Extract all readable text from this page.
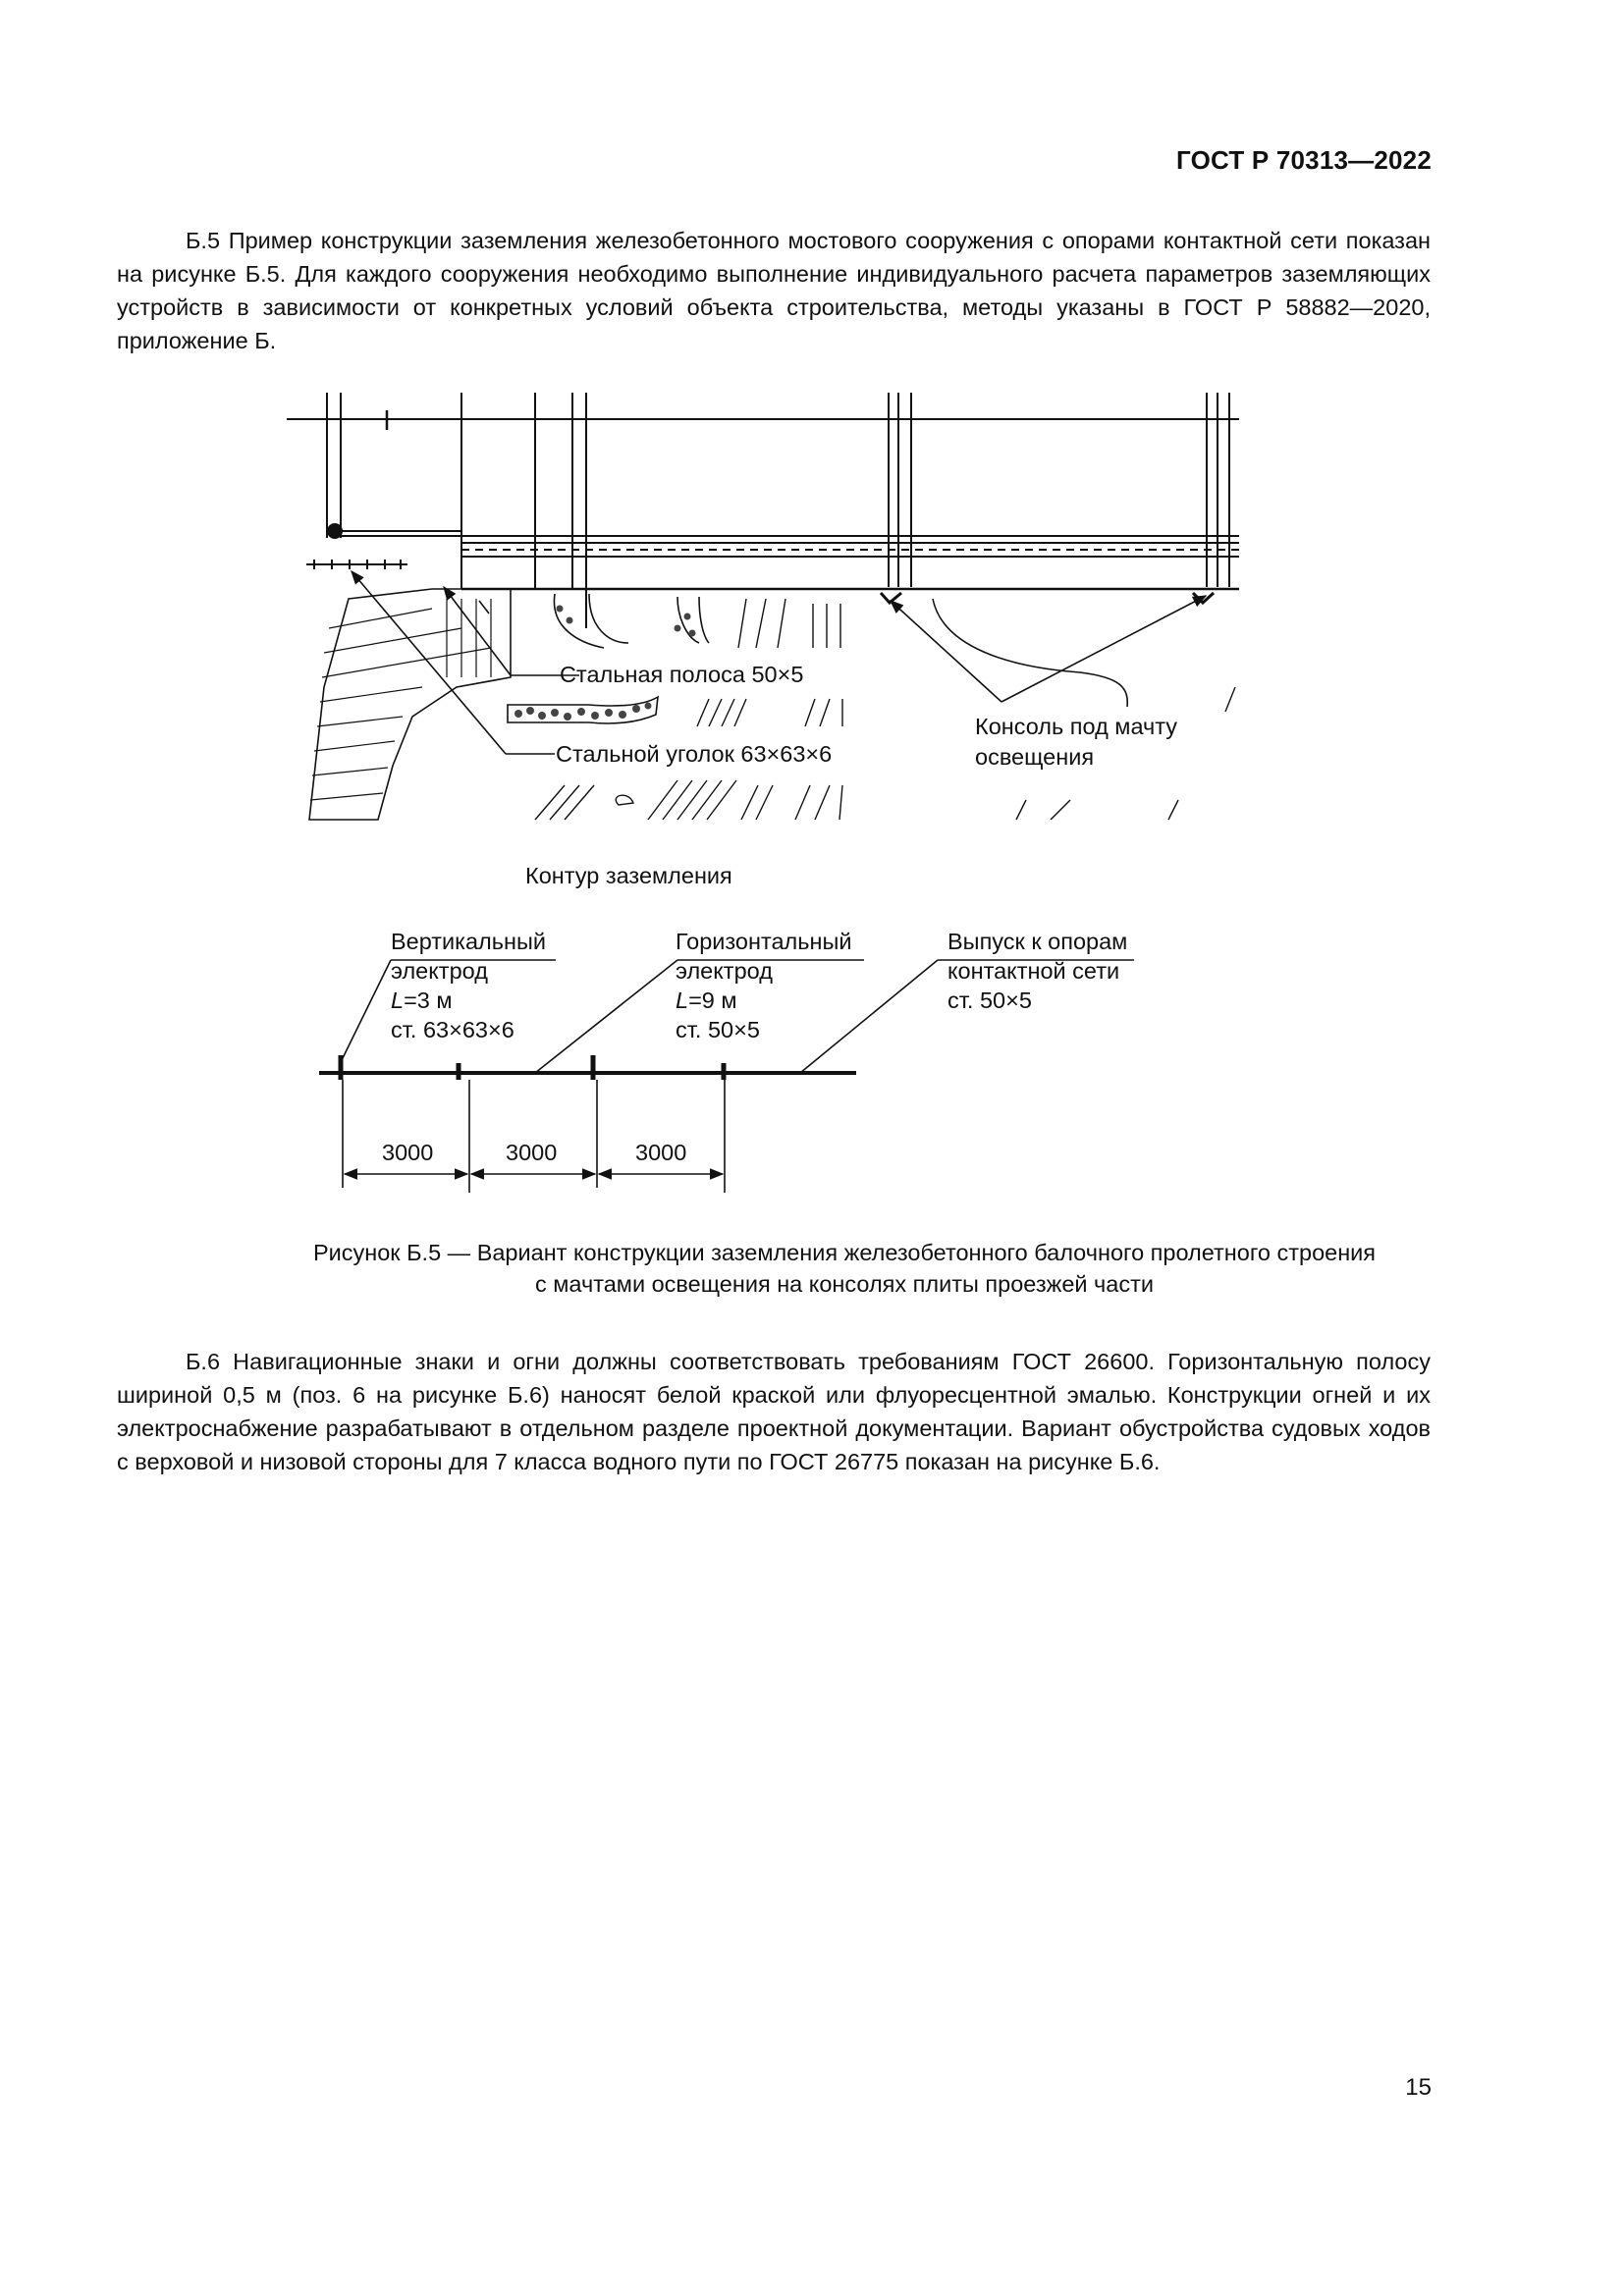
ГОСТ Р 70313—2022

Б.5 Пример конструкции заземления железобетонного мостового сооружения с опорами контактной сети показан на рисунке Б.5. Для каждого сооружения необходимо выполнение индивидуального расчета параметров заземляющих устройств в зависимости от конкретных условий объекта строительства, методы указаны в ГОСТ Р 58882—2020, приложение Б.

Стальная полоса 50×5
Стальной уголок 63×63×6
Консоль под мачту
освещения
Контур заземления
Вертикальный
электрод
L=3 м
ст. 63×63×6
Горизонтальный
электрод
L=9 м
ст. 50×5
Выпуск к опорам
контактной сети
ст. 50×5
3000	3000	3000
Рисунок Б.5 — Вариант конструкции заземления железобетонного балочного пролетного строения
с мачтами освещения на консолях плиты проезжей части

Б.6 Навигационные знаки и огни должны соответствовать требованиям ГОСТ 26600. Горизонтальную полосу шириной 0,5 м (поз. 6 на рисунке Б.6) наносят белой краской или флуоресцентной эмалью. Конструкции огней и их электроснабжение разрабатывают в отдельном разделе проектной документации. Вариант обустройства судовых ходов с верховой и низовой стороны для 7 класса водного пути по ГОСТ 26775 показан на рисунке Б.6.

15
